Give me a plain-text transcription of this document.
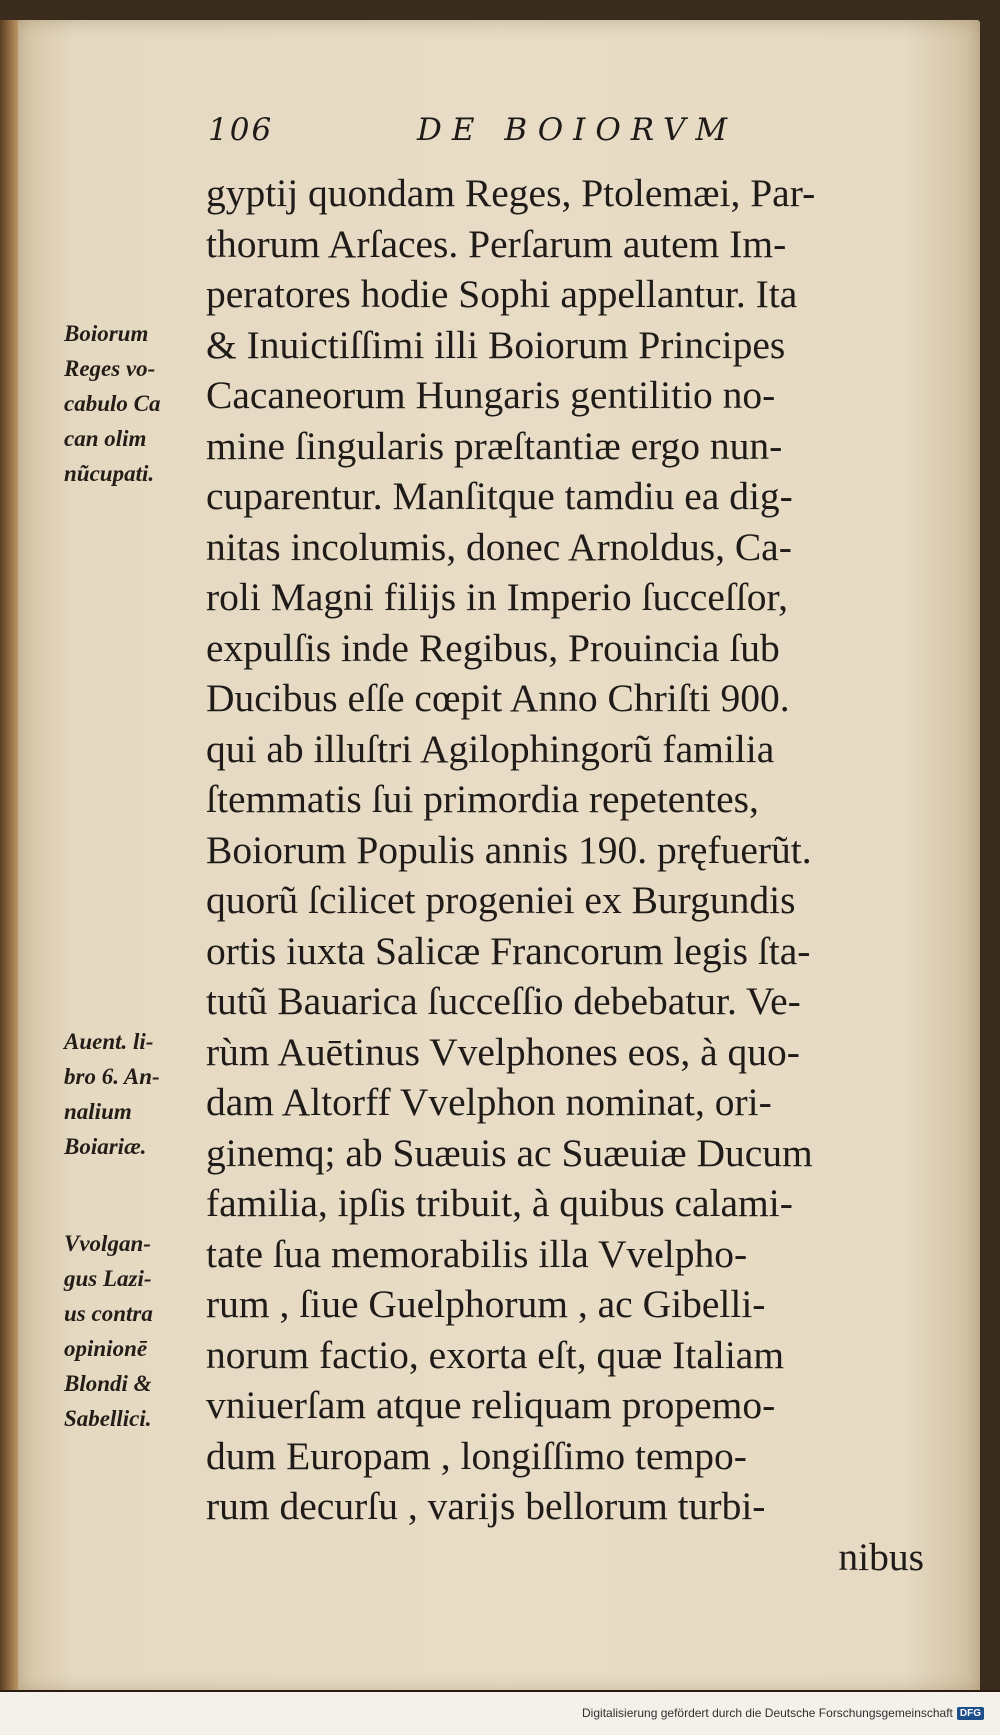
106	DE BOIORVM
gyptij quondam Reges, Ptolemæi, Par-
thorum Arſaces. Perſarum autem Im-
peratores hodie Sophi appellantur. Ita
& Inuictiſſimi illi Boiorum Principes
Cacaneorum Hungaris gentilitio no-
mine ſingularis præſtantiæ ergo nun-
cuparentur. Manſitque tamdiu ea dig-
nitas incolumis, donec Arnoldus, Ca-
roli Magni filijs in Imperio ſucceſſor,
expulſis inde Regibus, Prouincia ſub
Ducibus eſſe cœpit Anno Chriſti 900.
qui ab illuſtri Agilophingorũ familia
ſtemmatis ſui primordia repetentes,
Boiorum Populis annis 190. pręfuerũt.
quorũ ſcilicet progeniei ex Burgundis
ortis iuxta Salicæ Francorum legis ſta-
tutũ Bauarica ſucceſſio debebatur. Ve-
rùm Auētinus Vvelphones eos, à quo-
dam Altorff Vvelphon nominat, ori-
ginemq; ab Suæuis ac Suæuiæ Ducum
familia, ipſis tribuit, à quibus calami-
tate ſua memorabilis illa Vvelpho-
rum , ſiue Guelphorum , ac Gibelli-
norum factio, exorta eſt, quæ Italiam
vniuerſam atque reliquam propemo-
dum Europam , longiſſimo tempo-
rum decurſu , varijs bellorum turbi-
nibus
Boiorum
Reges vo-
cabulo Ca
can olim
nũcupati.
Auent. li-
bro 6. An-
nalium
Boiariæ.
Vvolgan-
gus Lazi-
us contra
opinionē
Blondi &
Sabellici.
Digitalisierung gefördert durch die Deutsche Forschungsgemeinschaft DFG
